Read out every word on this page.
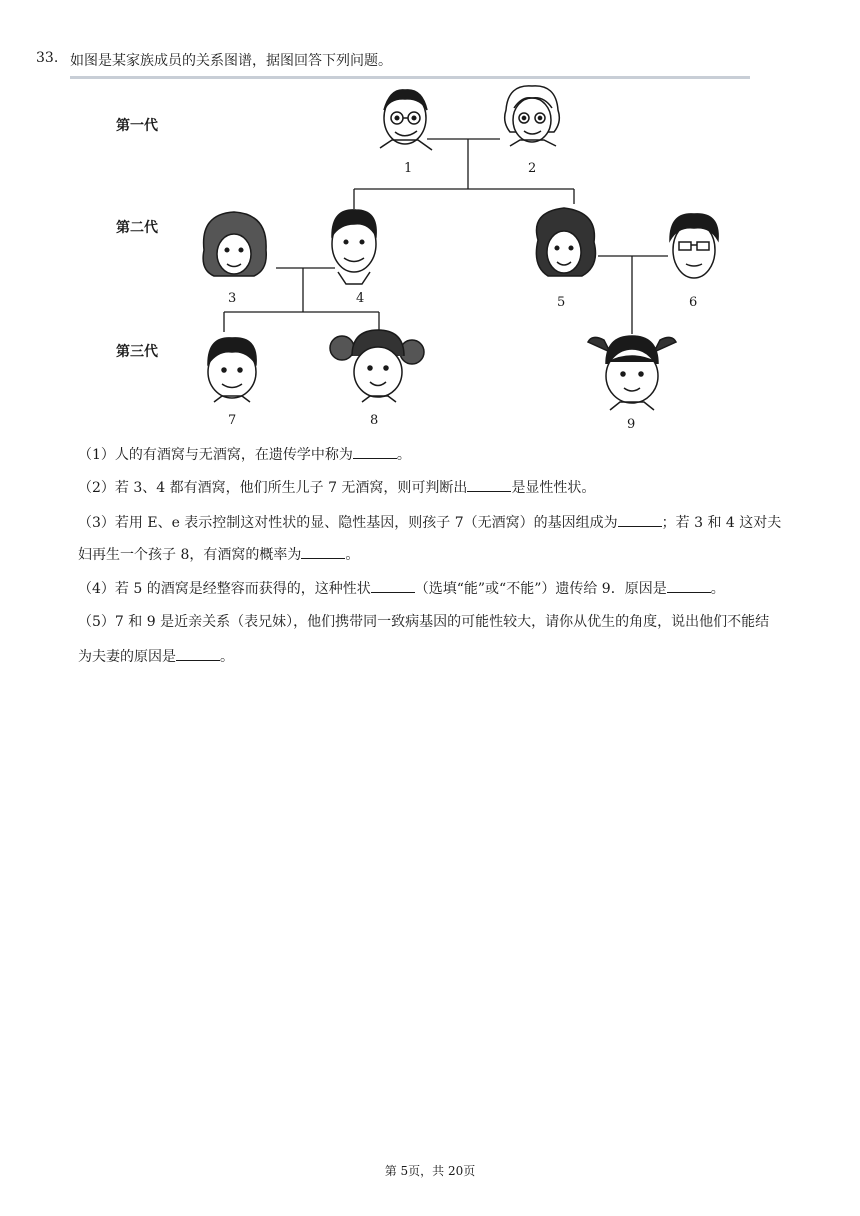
33. 如图是某家族成员的关系图谱，据图回答下列问题。
第一代
第二代
第三代
1	2
3	4	5	6
7	8	9
（1）人的有酒窝与无酒窝，在遗传学中称为	。
（2）若 3、4 都有酒窝，他们所生儿子 7 无酒窝，则可判断出	是显性性状。
（3）若用 E、e 表示控制这对性状的显、隐性基因，则孩子 7（无酒窝）的基因组成为	；若 3 和 4 这对夫
妇再生一个孩子 8，有酒窝的概率为	。
（4）若 5 的酒窝是经整容而获得的，这种性状	（选填“能”或“不能”）遗传给 9．原因是	。
（5）7 和 9 是近亲关系（表兄妹），他们携带同一致病基因的可能性较大，请你从优生的角度，说出他们不能结
为夫妻的原因是	。
第 5页，共 20页
